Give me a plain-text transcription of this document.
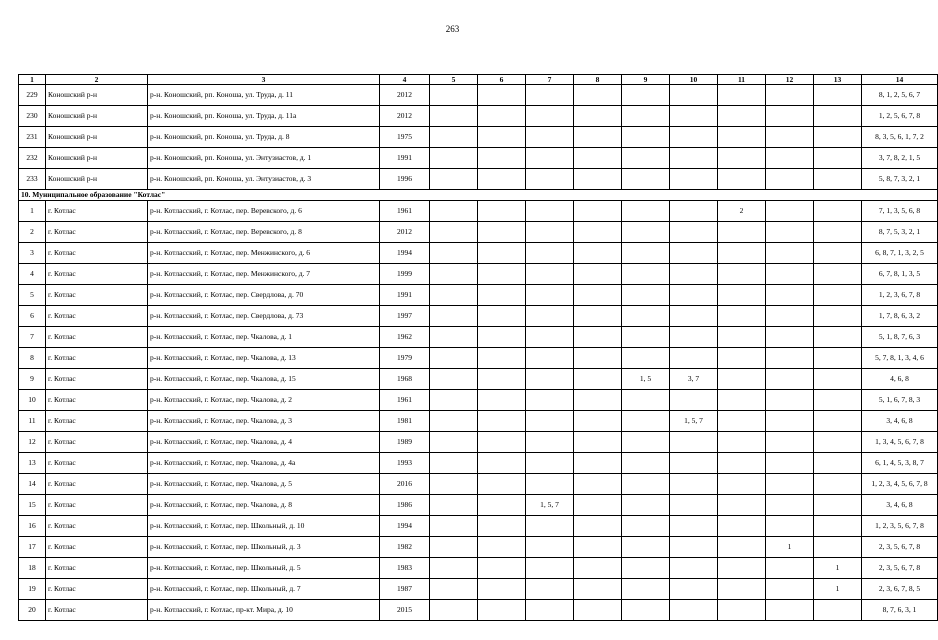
263
1	2	3	4	5	6	7	8	9	10	11	12	13	14
229	Коношский р-н	р-н. Коношский, рп. Коноша, ул. Труда, д. 11	2012										8, 1, 2, 5, 6, 7
230	Коношский р-н	р-н. Коношский, рп. Коноша, ул. Труда, д. 11а	2012										1, 2, 5, 6, 7, 8
231	Коношский р-н	р-н. Коношский, рп. Коноша, ул. Труда, д. 8	1975										8, 3, 5, 6, 1, 7, 2
232	Коношский р-н	р-н. Коношский, рп. Коноша, ул. Энтузиастов, д. 1	1991										3, 7, 8, 2, 1, 5
233	Коношский р-н	р-н. Коношский, рп. Коноша, ул. Энтузиастов, д. 3	1996										5, 8, 7, 3, 2, 1
10. Муниципальное образование "Котлас"													
1	г. Котлас	р-н. Котласский, г. Котлас, пер. Веревского, д. 6	1961							2			7, 1, 3, 5, 6, 8
2	г. Котлас	р-н. Котласский, г. Котлас, пер. Веревского, д. 8	2012										8, 7, 5, 3, 2, 1
3	г. Котлас	р-н. Котласский, г. Котлас, пер. Менжинского, д. 6	1994										6, 8, 7, 1, 3, 2, 5
4	г. Котлас	р-н. Котласский, г. Котлас, пер. Менжинского, д. 7	1999										6, 7, 8, 1, 3, 5
5	г. Котлас	р-н. Котласский, г. Котлас, пер. Свердлова, д. 70	1991										1, 2, 3, 6, 7, 8
6	г. Котлас	р-н. Котласский, г. Котлас, пер. Свердлова, д. 73	1997										1, 7, 8, 6, 3, 2
7	г. Котлас	р-н. Котласский, г. Котлас, пер. Чкалова, д. 1	1962										5, 1, 8, 7, 6, 3
8	г. Котлас	р-н. Котласский, г. Котлас, пер. Чкалова, д. 13	1979										5, 7, 8, 1, 3, 4, 6
9	г. Котлас	р-н. Котласский, г. Котлас, пер. Чкалова, д. 15	1968					1, 5	3, 7				4, 6, 8
10	г. Котлас	р-н. Котласский, г. Котлас, пер. Чкалова, д. 2	1961										5, 1, 6, 7, 8, 3
11	г. Котлас	р-н. Котласский, г. Котлас, пер. Чкалова, д. 3	1981						1, 5, 7				3, 4, 6, 8
12	г. Котлас	р-н. Котласский, г. Котлас, пер. Чкалова, д. 4	1989										1, 3, 4, 5, 6, 7, 8
13	г. Котлас	р-н. Котласский, г. Котлас, пер. Чкалова, д. 4а	1993										6, 1, 4, 5, 3, 8, 7
14	г. Котлас	р-н. Котласский, г. Котлас, пер. Чкалова, д. 5	2016										1, 2, 3, 4, 5, 6, 7, 8
15	г. Котлас	р-н. Котласский, г. Котлас, пер. Чкалова, д. 8	1986			1, 5, 7							3, 4, 6, 8
16	г. Котлас	р-н. Котласский, г. Котлас, пер. Школьный, д. 10	1994										1, 2, 3, 5, 6, 7, 8
17	г. Котлас	р-н. Котласский, г. Котлас, пер. Школьный, д. 3	1982								1		2, 3, 5, 6, 7, 8
18	г. Котлас	р-н. Котласский, г. Котлас, пер. Школьный, д. 5	1983									1	2, 3, 5, 6, 7, 8
19	г. Котлас	р-н. Котласский, г. Котлас, пер. Школьный, д. 7	1987									1	2, 3, 6, 7, 8, 5
20	г. Котлас	р-н. Котласский, г. Котлас, пр-кт. Мира, д. 10	2015										8, 7, 6, 3, 1
